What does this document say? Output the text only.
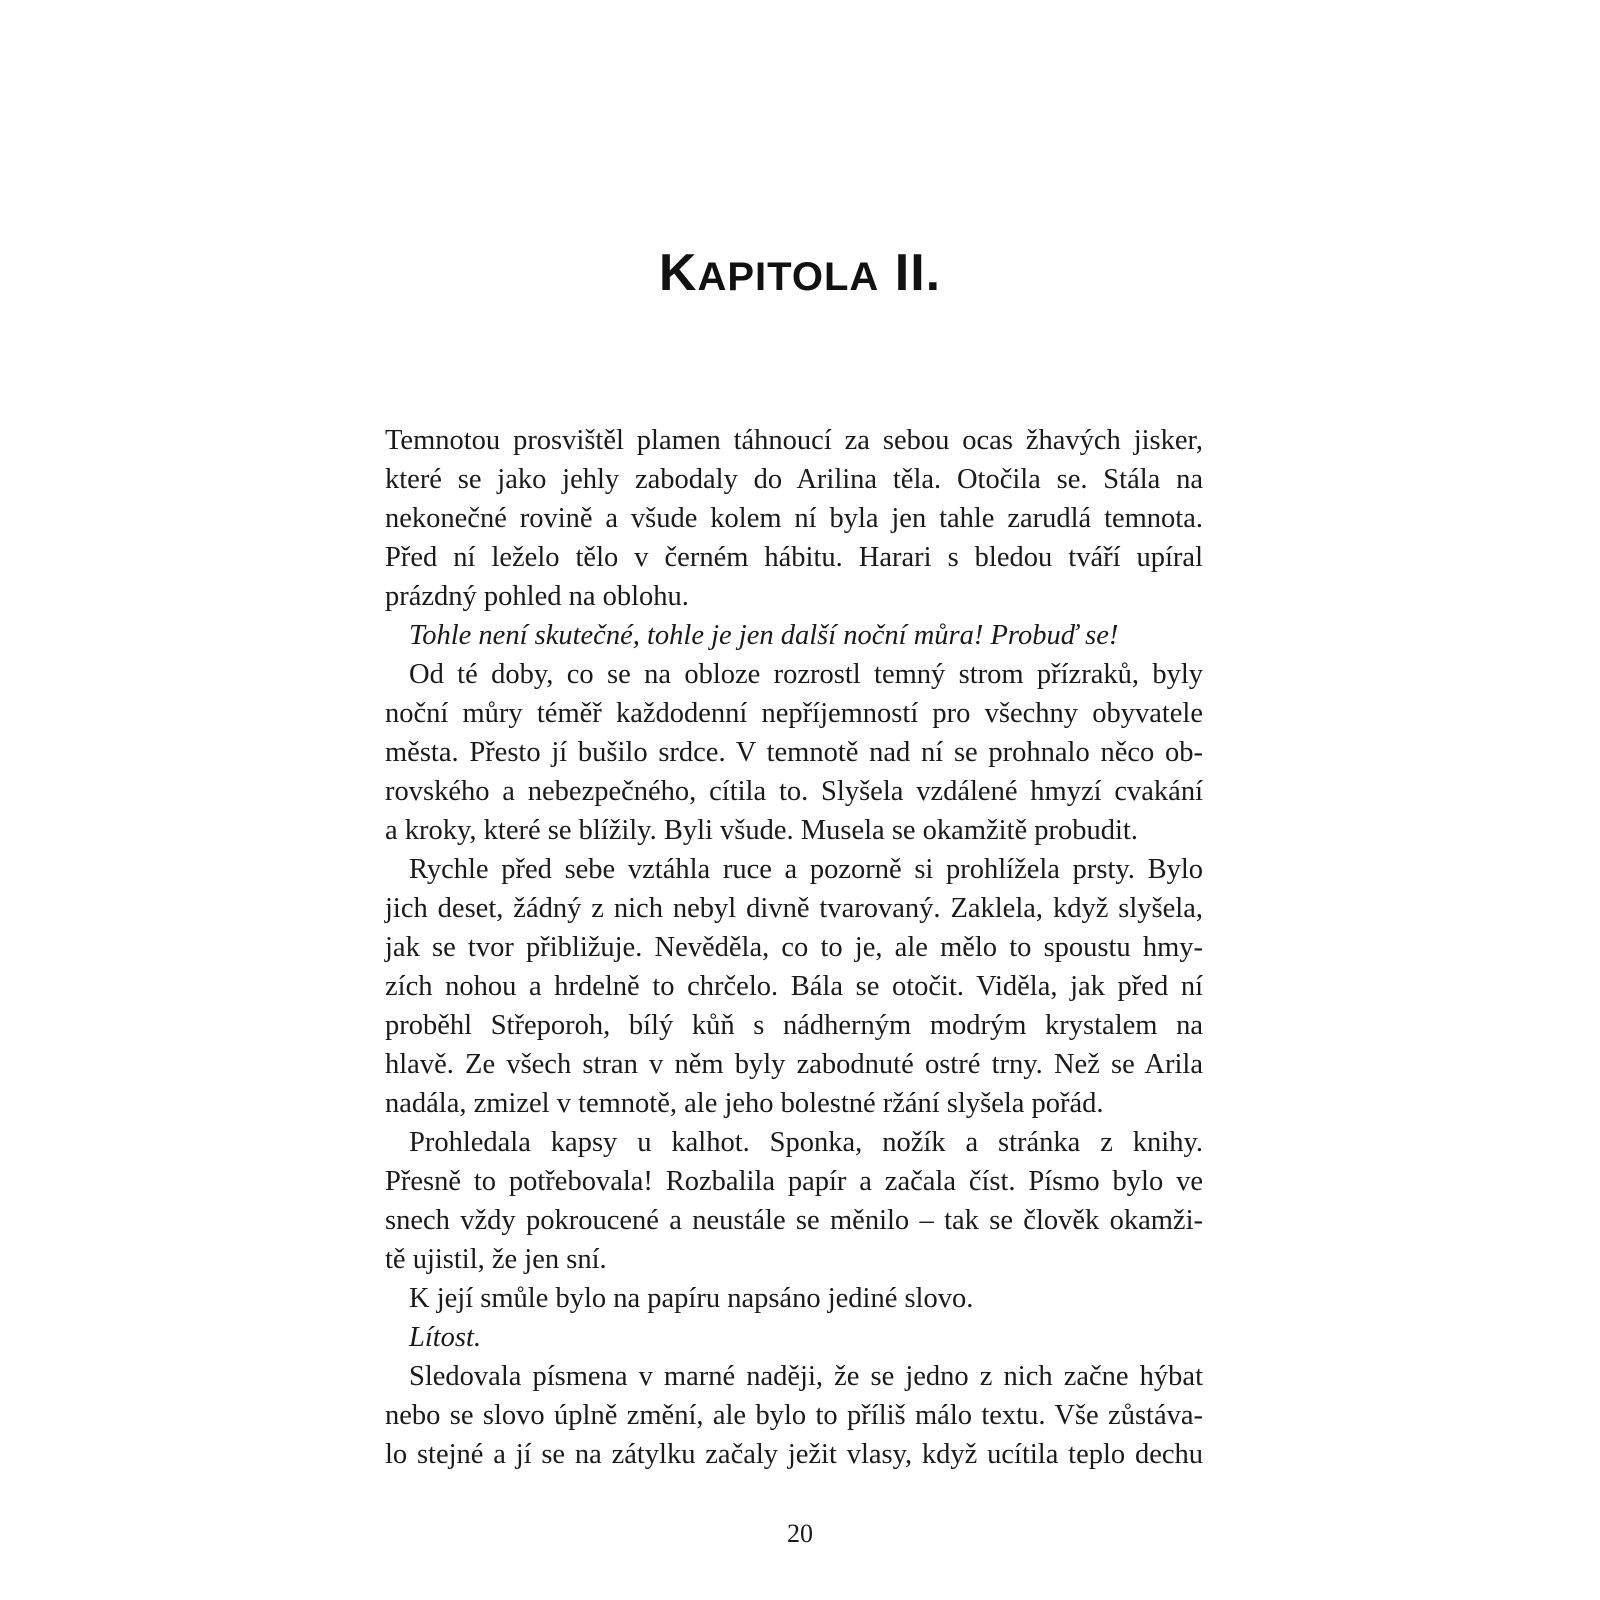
KAPITOLA II.
Temnotou prosvištěl plamen táhnoucí za sebou ocas žhavých jisker,
které se jako jehly zabodaly do Arilina těla. Otočila se. Stála na
nekonečné rovině a všude kolem ní byla jen tahle zarudlá temnota.
Před ní leželo tělo v černém hábitu. Harari s bledou tváří upíral
prázdný pohled na oblohu.
Tohle není skutečné, tohle je jen další noční můra! Probuď se!
Od té doby, co se na obloze rozrostl temný strom přízraků, byly
noční můry téměř každodenní nepříjemností pro všechny obyvatele
města. Přesto jí bušilo srdce. V temnotě nad ní se prohnalo něco ob-
rovského a nebezpečného, cítila to. Slyšela vzdálené hmyzí cvakání
a kroky, které se blížily. Byli všude. Musela se okamžitě probudit.
Rychle před sebe vztáhla ruce a pozorně si prohlížela prsty. Bylo
jich deset, žádný z nich nebyl divně tvarovaný. Zaklela, když slyšela,
jak se tvor přibližuje. Nevěděla, co to je, ale mělo to spoustu hmy-
zích nohou a hrdelně to chrčelo. Bála se otočit. Viděla, jak před ní
proběhl Střeporoh, bílý kůň s nádherným modrým krystalem na
hlavě. Ze všech stran v něm byly zabodnuté ostré trny. Než se Arila
nadála, zmizel v temnotě, ale jeho bolestné ržání slyšela pořád.
Prohledala kapsy u kalhot. Sponka, nožík a stránka z knihy.
Přesně to potřebovala! Rozbalila papír a začala číst. Písmo bylo ve
snech vždy pokroucené a neustále se měnilo – tak se člověk okamži-
tě ujistil, že jen sní.
K její smůle bylo na papíru napsáno jediné slovo.
Lítost.
Sledovala písmena v marné naději, že se jedno z nich začne hýbat
nebo se slovo úplně změní, ale bylo to příliš málo textu. Vše zůstáva-
lo stejné a jí se na zátylku začaly ježit vlasy, když ucítila teplo dechu
20
